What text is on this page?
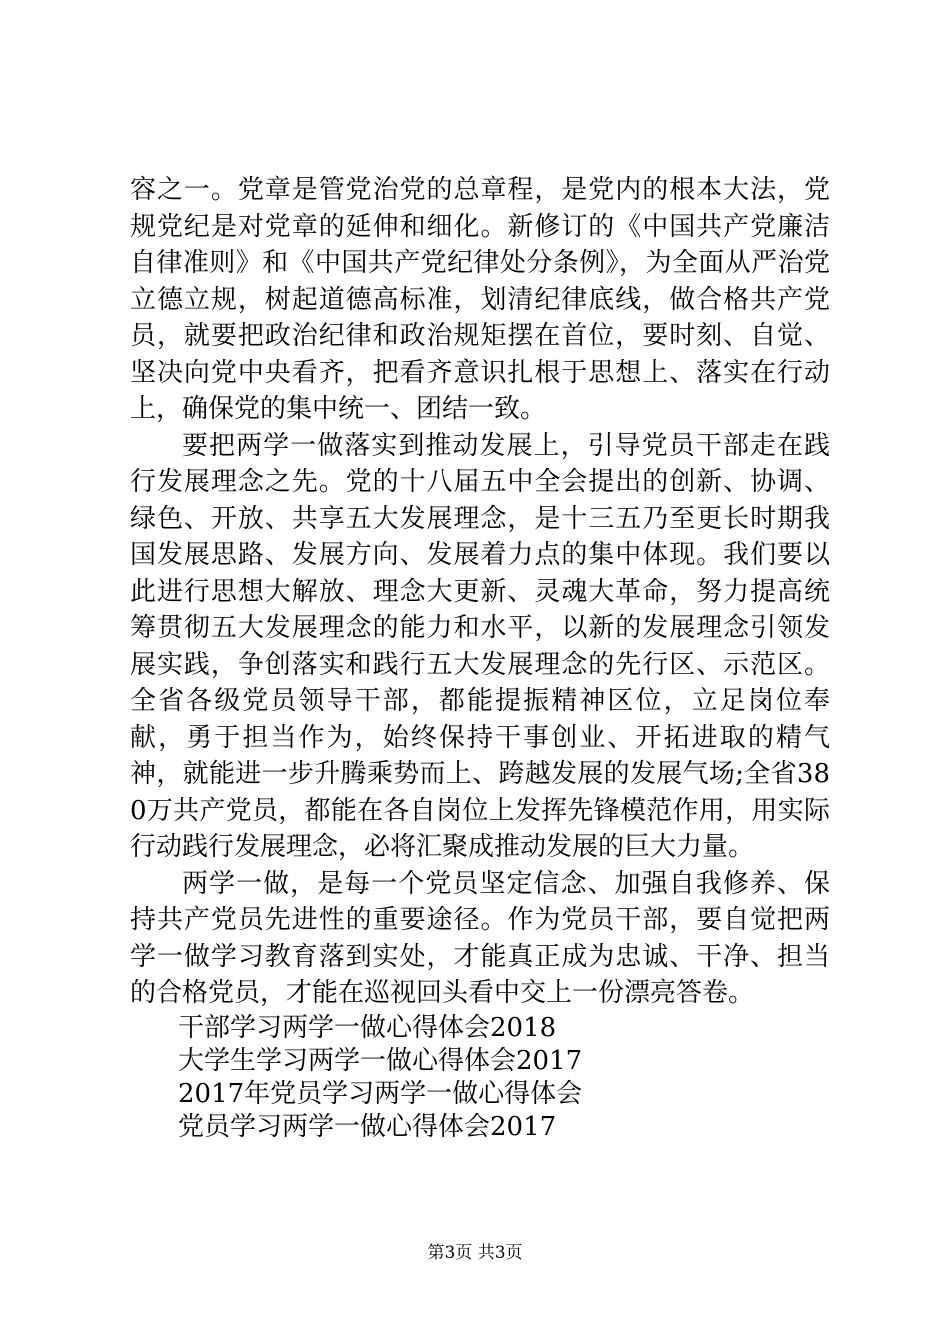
容之一。党章是管党治党的总章程，是党内的根本大法，党规党纪是对党章的延伸和细化。新修订的《中国共产党廉洁自律准则》和《中国共产党纪律处分条例》，为全面从严治党立德立规，树起道德高标准，划清纪律底线，做合格共产党员，就要把政治纪律和政治规矩摆在首位，要时刻、自觉、坚决向党中央看齐，把看齐意识扎根于思想上、落实在行动上，确保党的集中统一、团结一致。

要把两学一做落实到推动发展上，引导党员干部走在践行发展理念之先。党的十八届五中全会提出的创新、协调、绿色、开放、共享五大发展理念，是十三五乃至更长时期我国发展思路、发展方向、发展着力点的集中体现。我们要以此进行思想大解放、理念大更新、灵魂大革命，努力提高统筹贯彻五大发展理念的能力和水平，以新的发展理念引领发展实践，争创落实和践行五大发展理念的先行区、示范区。全省各级党员领导干部，都能提振精神区位，立足岗位奉献，勇于担当作为，始终保持干事创业、开拓进取的精气神，就能进一步升腾乘势而上、跨越发展的发展气场;全省380万共产党员，都能在各自岗位上发挥先锋模范作用，用实际行动践行发展理念，必将汇聚成推动发展的巨大力量。

两学一做，是每一个党员坚定信念、加强自我修养、保持共产党员先进性的重要途径。作为党员干部，要自觉把两学一做学习教育落到实处，才能真正成为忠诚、干净、担当的合格党员，才能在巡视回头看中交上一份漂亮答卷。

干部学习两学一做心得体会2018
大学生学习两学一做心得体会2017
2017年党员学习两学一做心得体会
党员学习两学一做心得体会2017
第3页 共3页
